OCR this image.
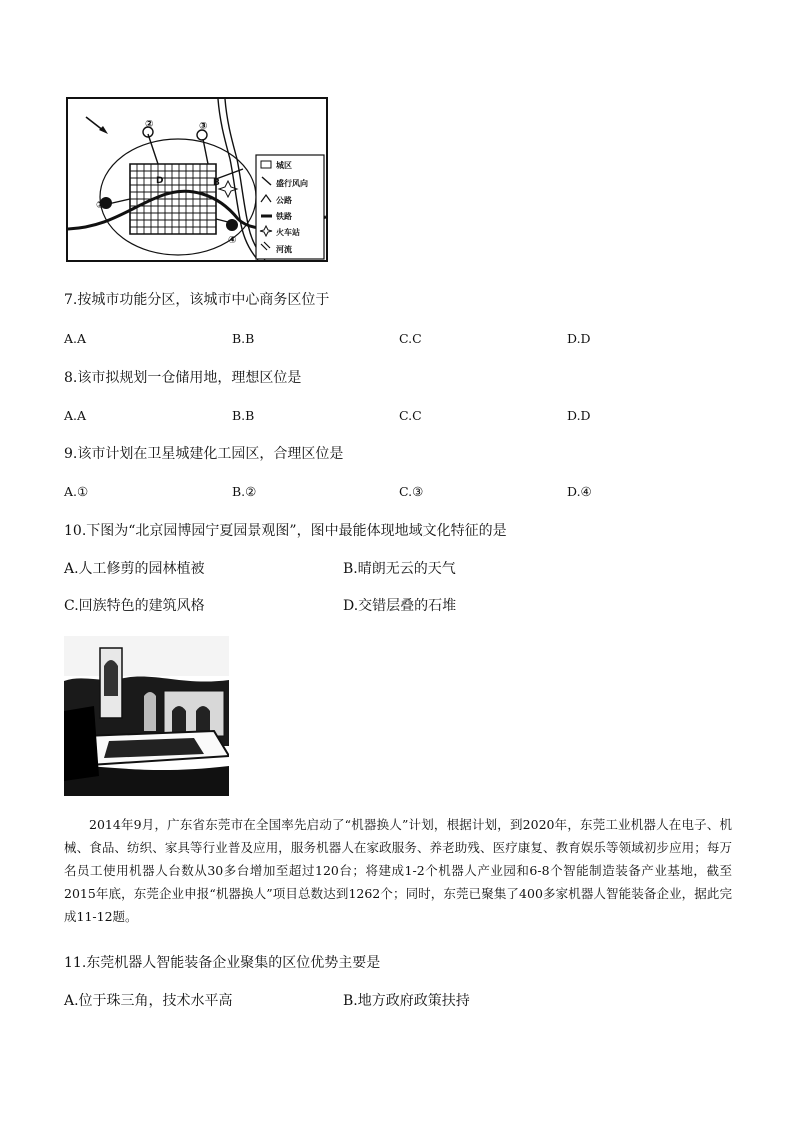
①
②	③
④
B
D
城区
盛行风向
公路
铁路
火车站
河流
7.按城市功能分区，该城市中心商务区位于
A.A	B.B	C.C	D.D
8.该市拟规划一仓储用地，理想区位是
A.A	B.B	C.C	D.D
9.该市计划在卫星城建化工园区，合理区位是
A.①	B.②	C.③	D.④
10.下图为“北京园博园宁夏园景观图”，图中最能体现地域文化特征的是
A.人工修剪的园林植被	B.晴朗无云的天气
C.回族特色的建筑风格	D.交错层叠的石堆

2014年9月，广东省东莞市在全国率先启动了“机器换人”计划，根据计划，到2020年，东莞工业机器人在电子、机械、食品、纺织、家具等行业普及应用，服务机器人在家政服务、养老助残、医疗康复、教育娱乐等领域初步应用；每万名员工使用机器人台数从30多台增加至超过120台；将建成1-2个机器人产业园和6-8个智能制造装备产业基地，截至2015年底，东莞企业申报“机器换人”项目总数达到1262个；同时，东莞已聚集了400多家机器人智能装备企业，据此完成11-12题。

11.东莞机器人智能装备企业聚集的区位优势主要是
A.位于珠三角，技术水平高	B.地方政府政策扶持
